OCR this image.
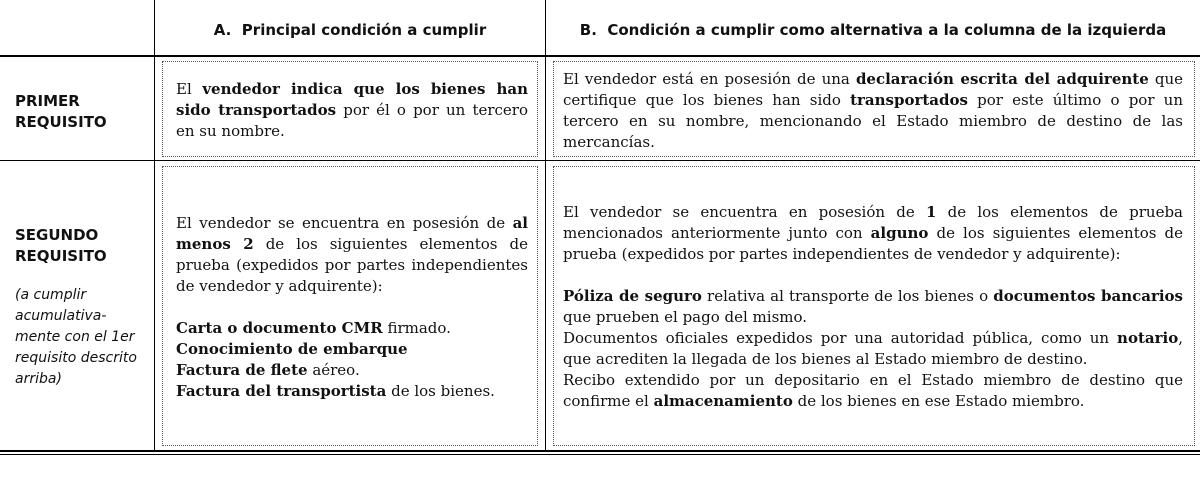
A.
Principal condición a cumplir	B.
Condición a cumplir como alternativa a la columna de la izquierda
PRIMER
REQUISITO

El vendedor indica que los bienes han sido transportados por él o por un tercero en su nombre.

El vendedor está en posesión de una declaración escrita del adquirente que certifique que los bienes han sido transportados por este último o por un tercero en su nombre, mencionando el Estado miembro de destino de las mercancías.

SEGUNDO
REQUISITO
(a cumplir acumulativa-mente con el 1er requisito descrito arriba)

El vendedor se encuentra en posesión de al menos 2 de los siguientes elementos de prueba (expedidos por partes independientes de vendedor y adquirente):

Carta o documento CMR firmado.

Conocimiento de embarque

Factura de flete aéreo.

Factura del transportista de los bienes.

El vendedor se encuentra en posesión de 1 de los elementos de prueba mencionados anteriormente junto con alguno de los siguientes elementos de prueba (expedidos por partes independientes de vendedor y adquirente):

Póliza de seguro relativa al transporte de los bienes o documentos bancarios que prueben el pago del mismo.

Documentos oficiales expedidos por una autoridad pública, como un notario, que acrediten la llegada de los bienes al Estado miembro de destino.

Recibo extendido por un depositario en el Estado miembro de destino que confirme el almacenamiento de los bienes en ese Estado miembro.
